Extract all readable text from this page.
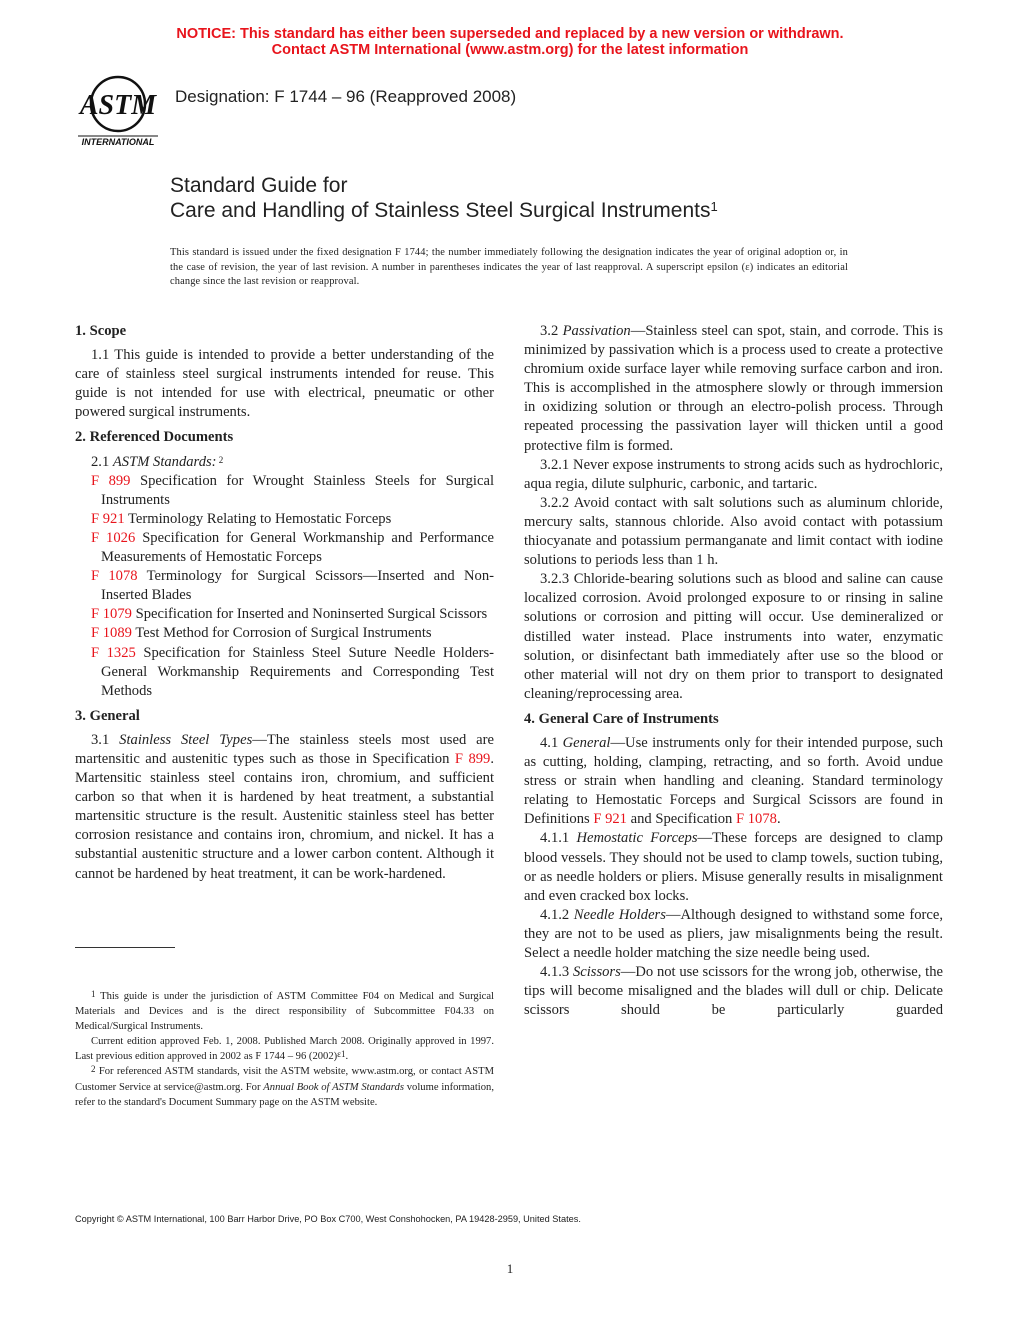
NOTICE: This standard has either been superseded and replaced by a new version or withdrawn.
Contact ASTM International (www.astm.org) for the latest information
ASTM
INTERNATIONAL
Designation: F 1744 – 96 (Reapproved 2008)
Standard Guide for
Care and Handling of Stainless Steel Surgical Instruments$^1$
This standard is issued under the fixed designation F 1744; the number immediately following the designation indicates the year of original adoption or, in the case of revision, the year of last revision. A number in parentheses indicates the year of last reapproval. A superscript epsilon (ε) indicates an editorial change since the last revision or reapproval.
1. Scope
1.1 This guide is intended to provide a better understanding of the care of stainless steel surgical instruments intended for reuse. This guide is not intended for use with electrical, pneumatic or other powered surgical instruments.
2. Referenced Documents
2.1 ASTM Standards: $^2$
F 899 Specification for Wrought Stainless Steels for Surgical Instruments
F 921 Terminology Relating to Hemostatic Forceps
F 1026 Specification for General Workmanship and Performance Measurements of Hemostatic Forceps
F 1078 Terminology for Surgical Scissors—Inserted and Non-Inserted Blades
F 1079 Specification for Inserted and Noninserted Surgical Scissors
F 1089 Test Method for Corrosion of Surgical Instruments
F 1325 Specification for Stainless Steel Suture Needle Holders-General Workmanship Requirements and Corresponding Test Methods
3. General
3.1 Stainless Steel Types—The stainless steels most used are martensitic and austenitic types such as those in Specification F 899. Martensitic stainless steel contains iron, chromium, and sufficient carbon so that when it is hardened by heat treatment, a substantial martensitic structure is the result. Austenitic stainless steel has better corrosion resistance and contains iron, chromium, and nickel. It has a substantial austenitic structure and a lower carbon content. Although it cannot be hardened by heat treatment, it can be work-hardened.
3.2 Passivation—Stainless steel can spot, stain, and corrode. This is minimized by passivation which is a process used to create a protective chromium oxide surface layer while removing surface carbon and iron. This is accomplished in the atmosphere slowly or through immersion in oxidizing solution or through an electro-polish process. Through repeated processing the passivation layer will thicken until a good protective film is formed.
3.2.1 Never expose instruments to strong acids such as hydrochloric, aqua regia, dilute sulphuric, carbonic, and tartaric.
3.2.2 Avoid contact with salt solutions such as aluminum chloride, mercury salts, stannous chloride. Also avoid contact with potassium thiocyanate and potassium permanganate and limit contact with iodine solutions to periods less than 1 h.
3.2.3 Chloride-bearing solutions such as blood and saline can cause localized corrosion. Avoid prolonged exposure to or rinsing in saline solutions or corrosion and pitting will occur. Use demineralized or distilled water instead. Place instruments into water, enzymatic solution, or disinfectant bath immediately after use so the blood or other material will not dry on them prior to transport to designated cleaning/reprocessing area.
4. General Care of Instruments
4.1 General—Use instruments only for their intended purpose, such as cutting, holding, clamping, retracting, and so forth. Avoid undue stress or strain when handling and cleaning. Standard terminology relating to Hemostatic Forceps and Surgical Scissors are found in Definitions F 921 and Specification F 1078.
4.1.1 Hemostatic Forceps—These forceps are designed to clamp blood vessels. They should not be used to clamp towels, suction tubing, or as needle holders or pliers. Misuse generally results in misalignment and even cracked box locks.
4.1.2 Needle Holders—Although designed to withstand some force, they are not to be used as pliers, jaw misalignments being the result. Select a needle holder matching the size needle being used.
4.1.3 Scissors—Do not use scissors for the wrong job, otherwise, the tips will become misaligned and the blades will dull or chip. Delicate scissors should be particularly guarded
$^1$ This guide is under the jurisdiction of ASTM Committee F04 on Medical and Surgical Materials and Devices and is the direct responsibility of Subcommittee F04.33 on Medical/Surgical Instruments.
Current edition approved Feb. 1, 2008. Published March 2008. Originally approved in 1997. Last previous edition approved in 2002 as F 1744 – 96 $(2002)^{\varepsilon 1}$.
$^2$ For referenced ASTM standards, visit the ASTM website, www.astm.org, or contact ASTM Customer Service at service@astm.org. For Annual Book of ASTM Standards volume information, refer to the standard's Document Summary page on the ASTM website.
Copyright © ASTM International, 100 Barr Harbor Drive, PO Box C700, West Conshohocken, PA 19428-2959, United States.
1
